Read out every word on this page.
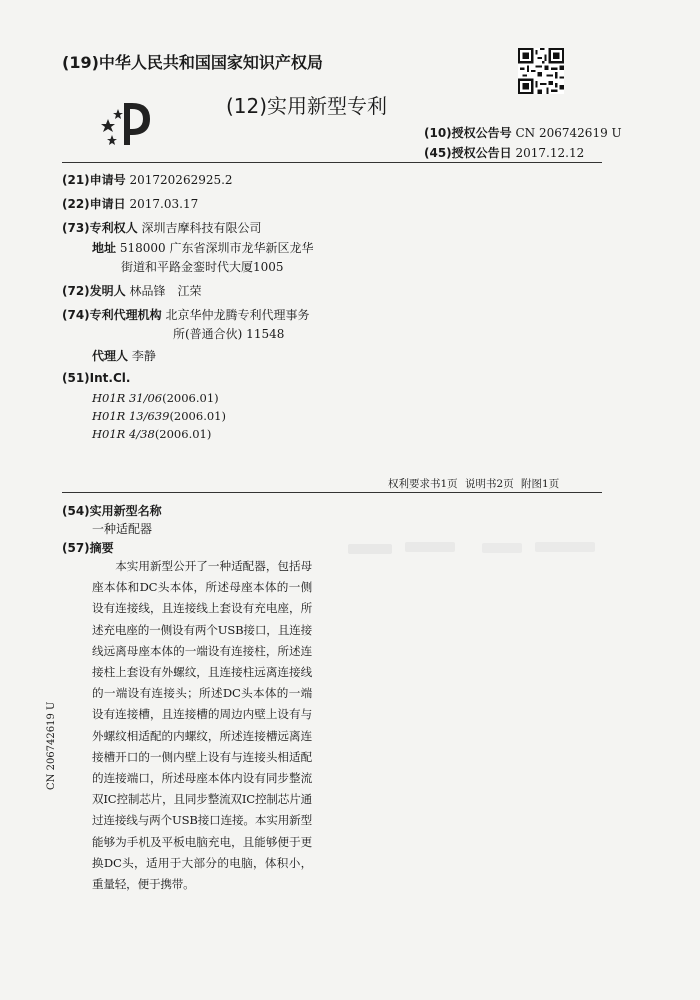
(19)中华人民共和国国家知识产权局
(12)实用新型专利
(10)授权公告号 CN 206742619 U
(45)授权公告日 2017.12.12
(21)申请号 201720262925.2
(22)申请日 2017.03.17
(73)专利权人 深圳吉摩科技有限公司
地址 518000 广东省深圳市龙华新区龙华
街道和平路金銮时代大厦1005
(72)发明人 林品锋　江荣
(74)专利代理机构 北京华仲龙腾专利代理事务
所(普通合伙) 11548
代理人 李静
(51)Int.Cl.
H01R 31/06(2006.01)
H01R 13/639(2006.01)
H01R 4/38(2006.01)
权利要求书1页 说明书2页 附图1页
(54)实用新型名称
一种适配器
(57)摘要
本实用新型公开了一种适配器，包括母座本体和DC头本体，所述母座本体的一侧设有连接线，且连接线上套设有充电座，所述充电座的一侧设有两个USB接口，且连接线远离母座本体的一端设有连接柱，所述连接柱上套设有外螺纹，且连接柱远离连接线的一端设有连接头；所述DC头本体的一端设有连接槽，且连接槽的周边内壁上设有与外螺纹相适配的内螺纹，所述连接槽远离连接槽开口的一侧内壁上设有与连接头相适配的连接端口，所述母座本体内设有同步整流双IC控制芯片，且同步整流双IC控制芯片通过连接线与两个USB接口连接。本实用新型能够为手机及平板电脑充电，且能够便于更换DC头，适用于大部分的电脑，体积小，重量轻，便于携带。
CN 206742619 U
